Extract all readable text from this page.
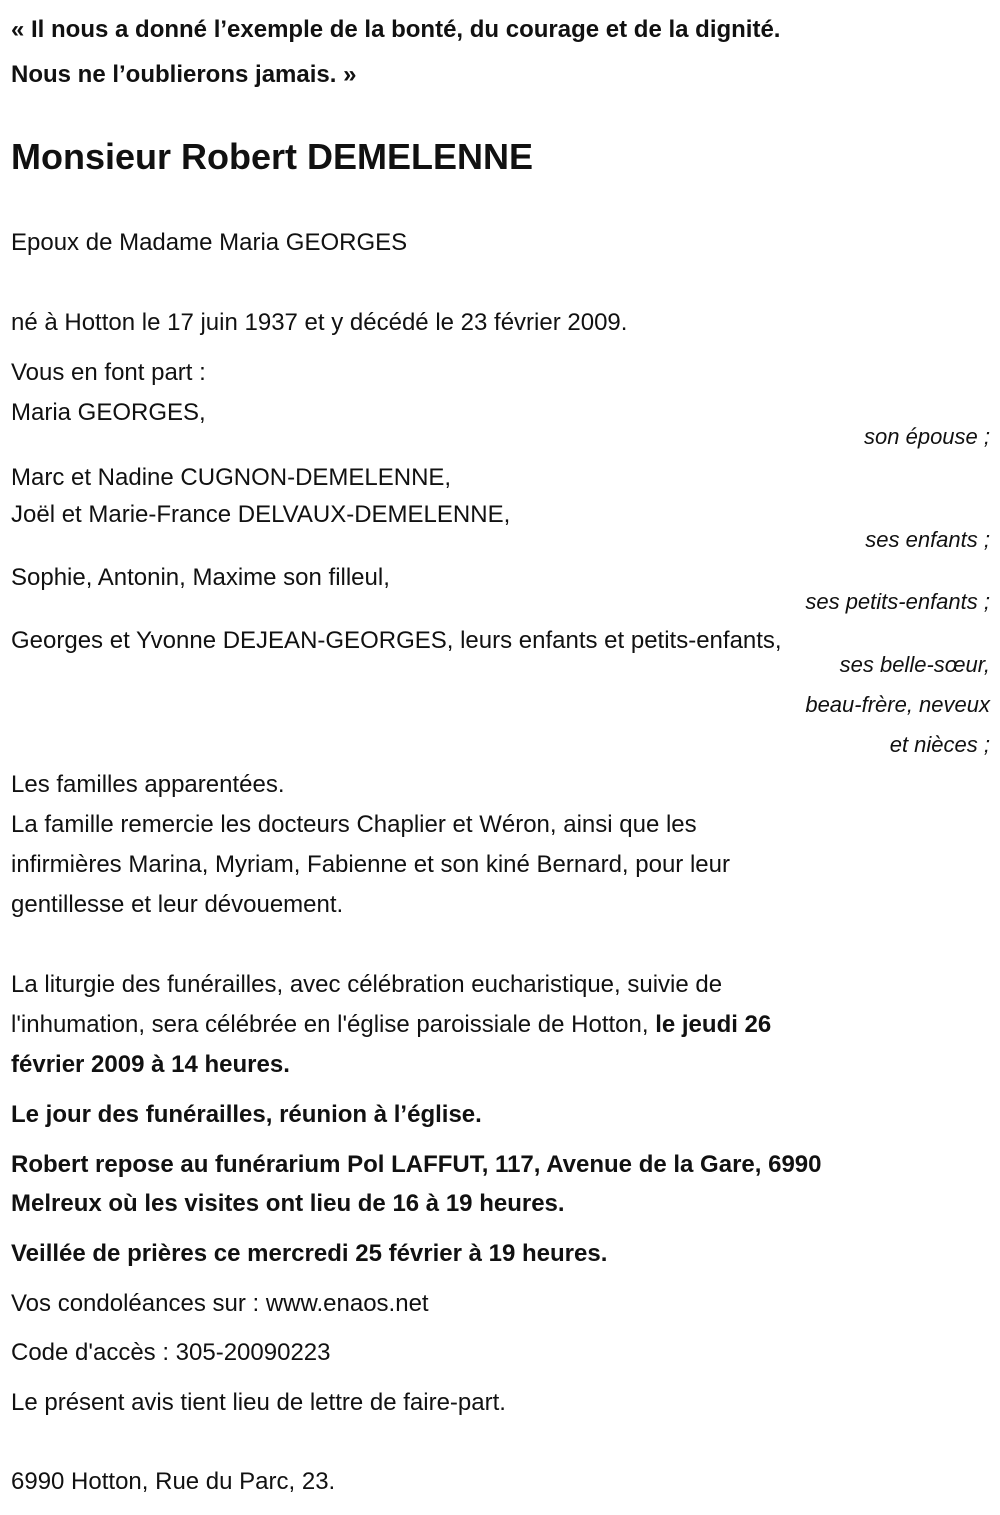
« Il nous a donné l’exemple de la bonté, du courage et de la dignité.
Nous ne l’oublierons jamais. »
Monsieur Robert DEMELENNE
Epoux de Madame Maria GEORGES
né à Hotton le 17 juin 1937 et y décédé le 23 février 2009.
Vous en font part :
Maria GEORGES,
son épouse ;
Marc et Nadine CUGNON-DEMELENNE,
Joël et Marie-France DELVAUX-DEMELENNE,
ses enfants ;
Sophie, Antonin, Maxime son filleul,
ses petits-enfants ;
Georges et Yvonne DEJEAN-GEORGES, leurs enfants et petits-enfants,
ses belle-sœur,
beau-frère, neveux
et nièces ;
Les familles apparentées.
La famille remercie les docteurs Chaplier et Wéron, ainsi que les
infirmières Marina, Myriam, Fabienne et son kiné Bernard, pour leur
gentillesse et leur dévouement.
La liturgie des funérailles, avec célébration eucharistique, suivie de
l'inhumation, sera célébrée en l'église paroissiale de Hotton, le jeudi 26
février 2009 à 14 heures.
Le jour des funérailles, réunion à l’église.
Robert repose au funérarium Pol LAFFUT, 117, Avenue de la Gare, 6990
Melreux où les visites ont lieu de 16 à 19 heures.
Veillée de prières ce mercredi 25 février à 19 heures.
Vos condoléances sur : www.enaos.net
Code d'accès : 305-20090223
Le présent avis tient lieu de lettre de faire-part.
6990 Hotton, Rue du Parc, 23.
